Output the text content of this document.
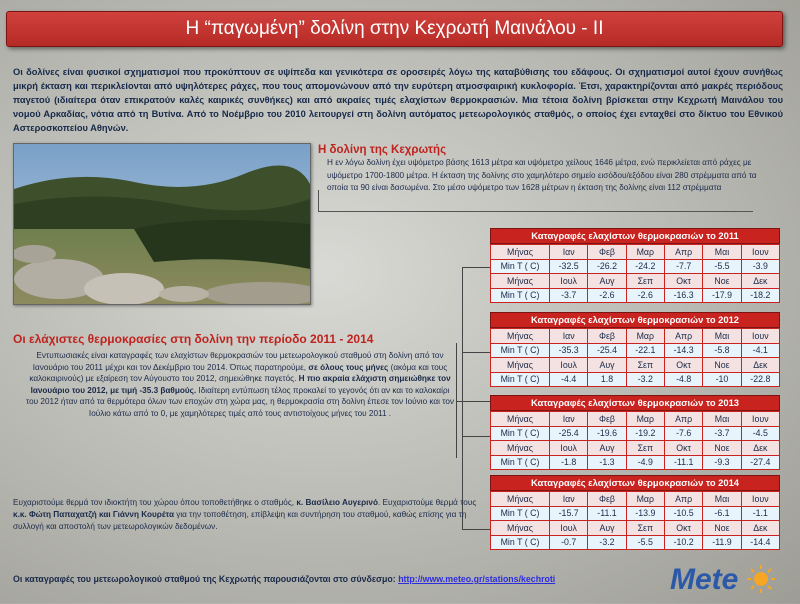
Η “παγωμένη” δολίνη στην Κεχρωτή Μαινάλου - ΙΙ
Οι δολίνες είναι φυσικοί σχηματισμοί που προκύπτουν σε υψίπεδα και γενικότερα σε οροσειρές λόγω της καταβύθισης του εδάφους. Οι σχηματισμοί αυτοί έχουν συνήθως μικρή έκταση και περικλείονται από υψηλότερες ράχες, που τους απομονώνουν από την ευρύτερη ατμοσφαιρική κυκλοφορία. Έτσι, χαρακτηρίζονται από μακρές περιόδους παγετού (ιδιαίτερα όταν επικρατούν καλές καιρικές συνθήκες) και από ακραίες τιμές ελαχίστων θερμοκρασιών. Μια τέτοια δολίνη βρίσκεται στην Κεχρωτή Μαινάλου του νομού Αρκαδίας, νότια από τη Βυτίνα. Από το Νοέμβριο του 2010 λειτουργεί στη δολίνη αυτόματος μετεωρολογικός σταθμός, ο οποίος έχει ενταχθεί στο δίκτυο του Εθνικού Αστεροσκοπείου Αθηνών.
Η δολίνη της Κεχρωτής
Η εν λόγω δολίνη έχει υψόμετρο βάσης 1613 μέτρα και υψόμετρο χείλους 1646 μέτρα, ενώ περικλείεται από ράχες με υψόμετρο 1700-1800 μέτρα. Η έκταση της δολίνης στο χαμηλότερο σημείο εισόδου/εξόδου είναι 280 στρέμματα από τα οποία τα 90 είναι δασωμένα. Στο μέσο υψόμετρο των 1628 μέτρων η έκταση της δολίνης είναι 112 στρέμματα
Οι ελάχιστες θερμοκρασίες στη δολίνη την περίοδο 2011 - 2014
Εντυπωσιακές είναι καταγραφές των ελαχίστων θερμοκρασιών του μετεωρολογικού σταθμού στη δολίνη από τον Ιανουάριο του 2011 μέχρι και τον Δεκέμβριο του 2014. Όπως παρατηρούμε, σε όλους τους μήνες (ακόμα και τους καλοκαιρινούς) με εξαίρεση τον Αύγουστο του 2012, σημειώθηκε παγετός. Η πιο ακραία ελάχιστη σημειώθηκε τον Ιανουάριο του 2012, με τιμή -35.3 βαθμούς. Ιδιαίτερη εντύπωση τέλος προκαλεί το γεγονός ότι αν και το καλοκαίρι του 2012 ήταν από τα θερμότερα όλων των εποχών στη χώρα μας, η θερμοκρασία στη δολίνη έπεσε τον Ιούνιο και τον Ιούλιο κάτω από το 0, με χαμηλότερες τιμές από τους αντιστοίχους μήνες του 2011 .
Καταγραφές ελαχίστων θερμοκρασιών το 2011
Μήνας	Ιαν	Φεβ	Μαρ	Απρ	Μαι	Ιουν
Min T ( C)	-32.5	-26.2	-24.2	-7.7	-5.5	-3.9
Μήνας	Ιουλ	Αυγ	Σεπ	Οκτ	Νοε	Δεκ
Min T ( C)	-3.7	-2.6	-2.6	-16.3	-17.9	-18.2
Καταγραφές ελαχίστων θερμοκρασιών το 2012
Μήνας	Ιαν	Φεβ	Μαρ	Απρ	Μαι	Ιουν
Min T ( C)	-35.3	-25.4	-22.1	-14.3	-5.8	-4.1
Μήνας	Ιουλ	Αυγ	Σεπ	Οκτ	Νοε	Δεκ
Min T ( C)	-4.4	1.8	-3.2	-4.8	-10	-22.8
Καταγραφές ελαχίστων θερμοκρασιών το 2013
Μήνας	Ιαν	Φεβ	Μαρ	Απρ	Μαι	Ιουν
Min T ( C)	-25.4	-19.6	-19.2	-7.6	-3.7	-4.5
Μήνας	Ιουλ	Αυγ	Σεπ	Οκτ	Νοε	Δεκ
Min T ( C)	-1.8	-1.3	-4.9	-11.1	-9.3	-27.4
Καταγραφές ελαχίστων θερμοκρασιών το 2014
Μήνας	Ιαν	Φεβ	Μαρ	Απρ	Μαι	Ιουν
Min T ( C)	-15.7	-11.1	-13.9	-10.5	-6.1	-1.1
Μήνας	Ιουλ	Αυγ	Σεπ	Οκτ	Νοε	Δεκ
Min T ( C)	-0.7	-3.2	-5.5	-10.2	-11.9	-14.4
Ευχαριστούμε θερμά τον ιδιοκτήτη του χώρου όπου τοποθετήθηκε ο σταθμός, κ. Βασίλειο Αυγερινό. Ευχαριστούμε θερμά τους κ.κ. Φώτη Παπαχατζή και Γιάννη Κουρέτα για την τοποθέτηση, επίβλεψη και συντήρηση του σταθμού, καθώς επίσης για τη συλλογή και αποστολή των μετεωρολογικών δεδομένων.
Οι καταγραφές του μετεωρολογικού σταθμού της Κεχρωτής παρουσιάζονται στο σύνδεσμο: http://www.meteo.gr/stations/kechroti	Mete
